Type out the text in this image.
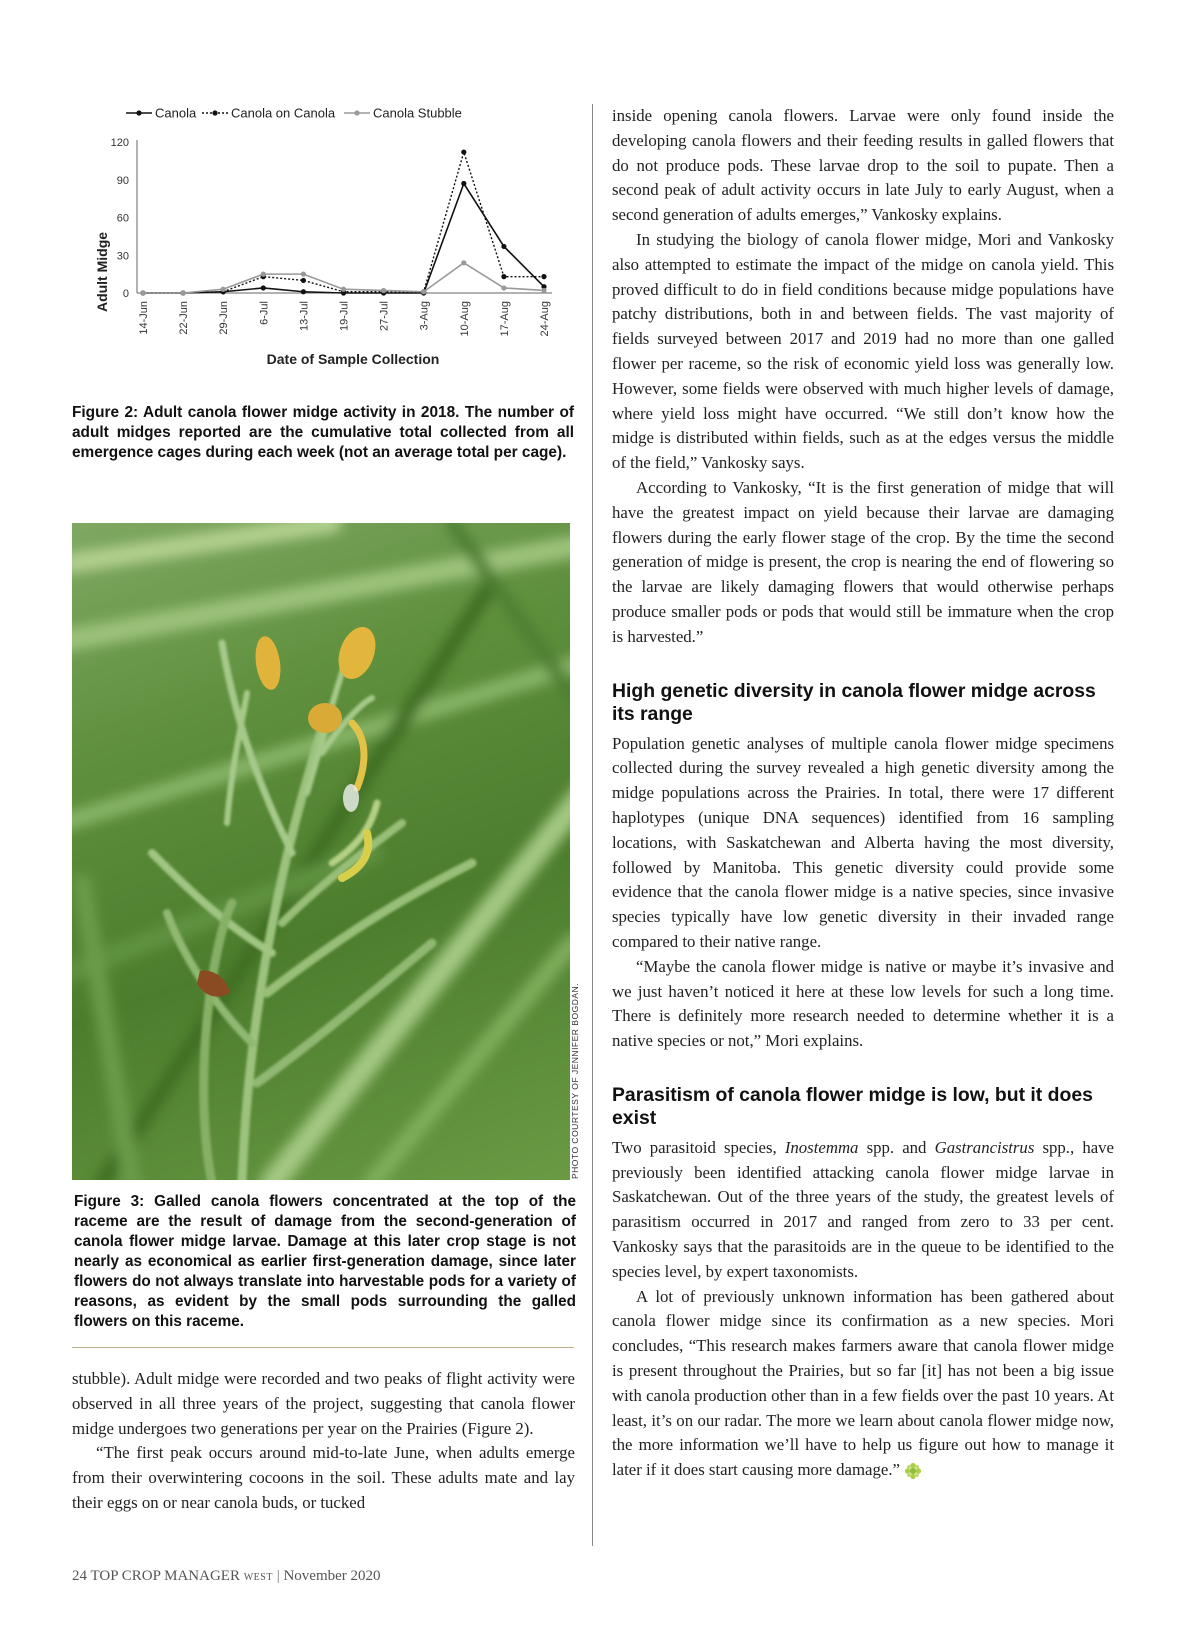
Canola	Canola on Canola	Canola Stubble
0
30
60
90
120
14-Jun	22-Jun	29-Jun	6-Jul	13-Jul	19-Jul	27-Jul	3-Aug	10-Aug	17-Aug	24-Aug
Adult Midge
Date of Sample Collection

Figure 2: Adult canola flower midge activity in 2018. The number of adult midges reported are the cumulative total collected from all emergence cages during each week (not an average total per cage).

PHOTO COURTESY OF JENNIFER BOGDAN.

Figure 3: Galled canola flowers concentrated at the top of the raceme are the result of damage from the second-generation of canola flower midge larvae. Damage at this later crop stage is not nearly as economical as earlier first-generation damage, since later flowers do not always translate into harvestable pods for a variety of reasons, as evident by the small pods surrounding the galled flowers on this raceme.

stubble). Adult midge were recorded and two peaks of flight activity were observed in all three years of the project, suggesting that canola flower midge undergoes two generations per year on the Prairies (Figure 2).

“The first peak occurs around mid-to-late June, when adults emerge from their overwintering cocoons in the soil. These adults mate and lay their eggs on or near canola buds, or tucked

inside opening canola flowers. Larvae were only found inside the developing canola flowers and their feeding results in galled flowers that do not produce pods. These larvae drop to the soil to pupate. Then a second peak of adult activity occurs in late July to early August, when a second generation of adults emerges,” Vankosky explains.

In studying the biology of canola flower midge, Mori and Vankosky also attempted to estimate the impact of the midge on canola yield. This proved difficult to do in field conditions because midge populations have patchy distributions, both in and between fields. The vast majority of fields surveyed between 2017 and 2019 had no more than one galled flower per raceme, so the risk of economic yield loss was generally low. However, some fields were observed with much higher levels of damage, where yield loss might have occurred. “We still don’t know how the midge is distributed within fields, such as at the edges versus the middle of the field,” Vankosky says.

According to Vankosky, “It is the first generation of midge that will have the greatest impact on yield because their larvae are damaging flowers during the early flower stage of the crop. By the time the second generation of midge is present, the crop is nearing the end of flowering so the larvae are likely damaging flowers that would otherwise perhaps produce smaller pods or pods that would still be immature when the crop is harvested.”

High genetic diversity in canola flower midge across its range

Population genetic analyses of multiple canola flower midge specimens collected during the survey revealed a high genetic diversity among the midge populations across the Prairies. In total, there were 17 different haplotypes (unique DNA sequences) identified from 16 sampling locations, with Saskatchewan and Alberta having the most diversity, followed by Manitoba. This genetic diversity could provide some evidence that the canola flower midge is a native species, since invasive species typically have low genetic diversity in their invaded range compared to their native range.

“Maybe the canola flower midge is native or maybe it’s invasive and we just haven’t noticed it here at these low levels for such a long time. There is definitely more research needed to determine whether it is a native species or not,” Mori explains.

Parasitism of canola flower midge is low, but it does exist

Two parasitoid species, Inostemma spp. and Gastrancistrus spp., have previously been identified attacking canola flower midge larvae in Saskatchewan. Out of the three years of the study, the greatest levels of parasitism occurred in 2017 and ranged from zero to 33 per cent. Vankosky says that the parasitoids are in the queue to be identified to the species level, by expert taxonomists.

A lot of previously unknown information has been gathered about canola flower midge since its confirmation as a new species. Mori concludes, “This research makes farmers aware that canola flower midge is present throughout the Prairies, but so far [it] has not been a big issue with canola production other than in a few fields over the past 10 years. At least, it’s on our radar. The more we learn about canola flower midge now, the more information we’ll have to help us figure out how to manage it later if it does start causing more damage.”

24 TOP CROP MANAGER WEST | November 2020
